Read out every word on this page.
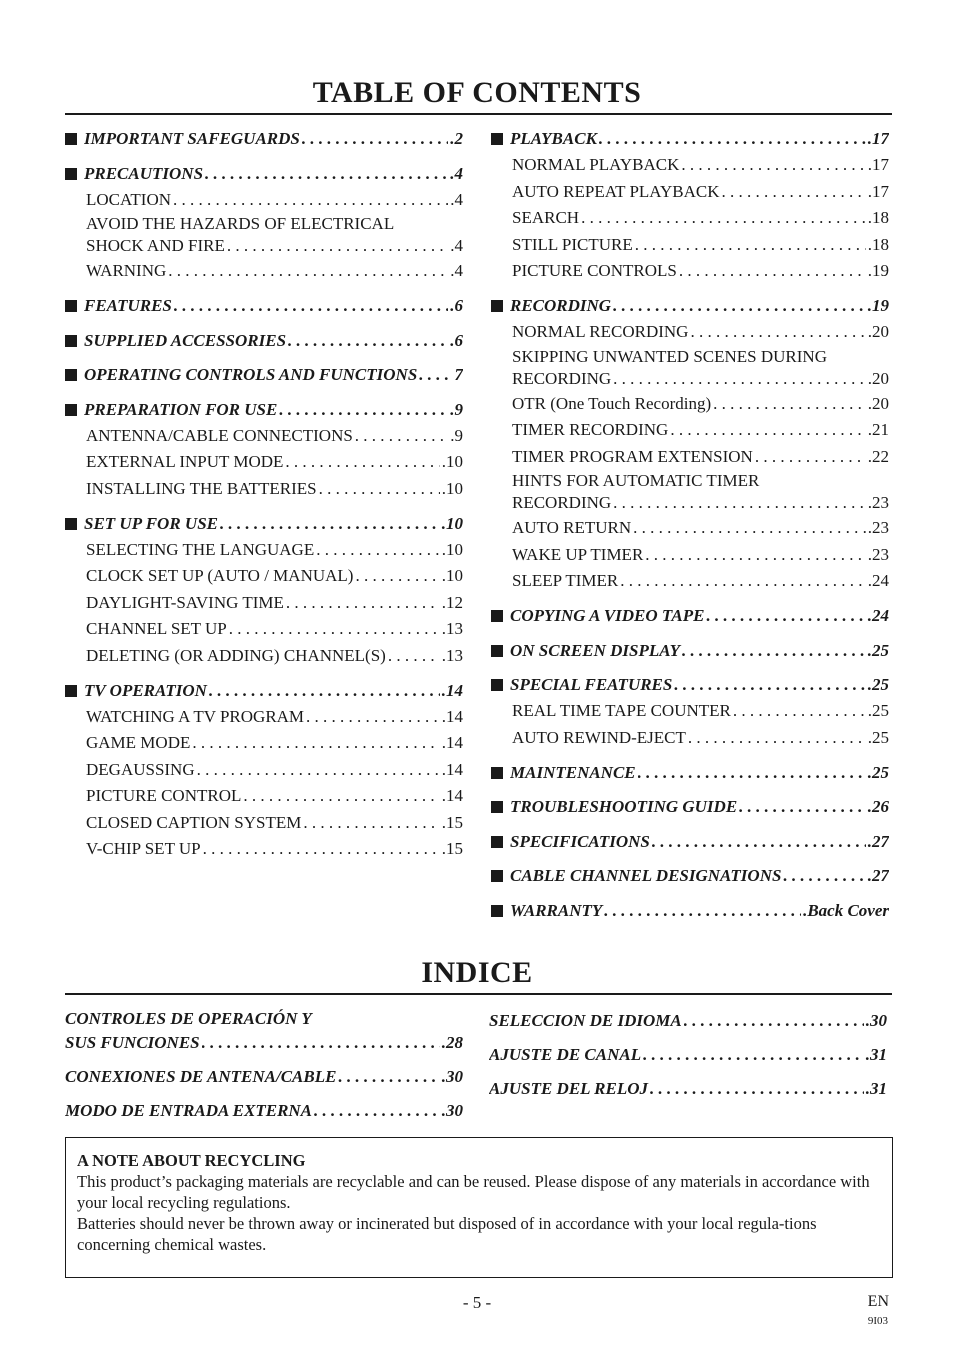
TABLE OF CONTENTS
IMPORTANT SAFEGUARDS . . .	.2
PRECAUTIONS . . .	.4
LOCATION . . .	.4
AVOID THE HAZARDS OF ELECTRICAL
SHOCK AND FIRE . . .	.4
WARNING . . .	.4
FEATURES . . .	.6
SUPPLIED ACCESSORIES . . .	.6
OPERATING CONTROLS AND FUNCTIONS . . . 7
PREPARATION FOR USE . . .	.9
ANTENNA/CABLE CONNECTIONS . . .	.9
EXTERNAL INPUT MODE . . .	.10
INSTALLING THE BATTERIES . . .	.10
SET UP FOR USE . . .	.10
SELECTING THE LANGUAGE . . .	.10
CLOCK SET UP (AUTO / MANUAL) . . .	.10
DAYLIGHT-SAVING TIME . . .	.12
CHANNEL SET UP . . .	.13
DELETING (OR ADDING) CHANNEL(S) . . .	.13
TV OPERATION . . .	.14
WATCHING A TV PROGRAM . . .	.14
GAME MODE . . .	.14
DEGAUSSING . . .	.14
PICTURE CONTROL . . .	.14
CLOSED CAPTION SYSTEM . . .	.15
V-CHIP SET UP . . .	.15
PLAYBACK . . .	.17
NORMAL PLAYBACK . . .	.17
AUTO REPEAT PLAYBACK . . .	.17
SEARCH . . .	.18
STILL PICTURE . . .	.18
PICTURE CONTROLS . . .	.19
RECORDING . . .	.19
NORMAL RECORDING . . .	.20
SKIPPING UNWANTED SCENES DURING
RECORDING . . .	.20
OTR (One Touch Recording) . . .	.20
TIMER RECORDING . . .	.21
TIMER PROGRAM EXTENSION . . .	.22
HINTS FOR AUTOMATIC TIMER
RECORDING . . .	.23
AUTO RETURN . . .	.23
WAKE UP TIMER . . .	.23
SLEEP TIMER . . .	.24
COPYING A VIDEO TAPE . . .	.24
ON SCREEN DISPLAY . . .	.25
SPECIAL FEATURES . . .	.25
REAL TIME TAPE COUNTER . . .	.25
AUTO REWIND-EJECT . . .	.25
MAINTENANCE . . .	.25
TROUBLESHOOTING GUIDE . . .	.26
SPECIFICATIONS . . .	.27
CABLE CHANNEL DESIGNATIONS . . .	.27
WARRANTY . . .	.Back Cover
INDICE
CONTROLES DE OPERACIÓN Y
SUS FUNCIONES . . .	.28
CONEXIONES DE ANTENA/CABLE . . .	.30
MODO DE ENTRADA EXTERNA . . .	.30
SELECCION DE IDIOMA . . .	.30
AJUSTE DE CANAL . . .	.31
AJUSTE DEL RELOJ . . .	.31
A NOTE ABOUT RECYCLING
This product’s packaging materials are recyclable and can be reused. Please dispose of any materials in accordance with your local recycling regulations.
Batteries should never be thrown away or incinerated but disposed of in accordance with your local regula-tions concerning chemical wastes.
- 5 -	EN
9I03
